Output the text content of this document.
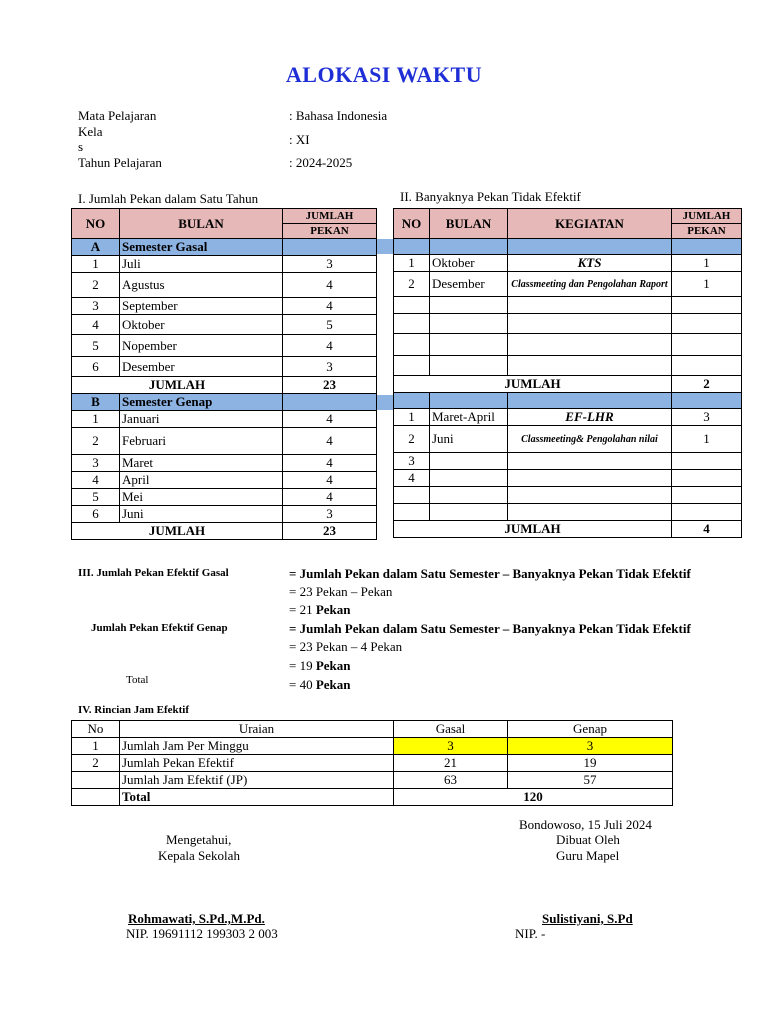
ALOKASI WAKTU
Mata Pelajaran	: Bahasa Indonesia
Kela
s	: XI
Tahun Pelajaran	: 2024-2025
I. Jumlah Pekan dalam Satu Tahun	II. Banyaknya Pekan Tidak Efektif
NO	BULAN	JUMLAH
		PEKAN
A	Semester Gasal	
1	Juli	3
2	Agustus	4
3	September	4
4	Oktober	5
5	Nopember	4
6	Desember	3
JUMLAH		23
B	Semester Genap	
1	Januari	4
2	Februari	4
3	Maret	4
4	April	4
5	Mei	4
6	Juni	3
JUMLAH		23
NO	BULAN	KEGIATAN	JUMLAH
			PEKAN

1	Oktober	KTS	1
2	Desember	Classmeeting dan Pengolahan Raport	1

JUMLAH			2

1	Maret-April	EF-LHR	3
2	Juni	Classmeeting& Pengolahan nilai	1
3			
4			

JUMLAH			4
III. Jumlah Pekan Efektif Gasal	= Jumlah Pekan dalam Satu Semester – Banyaknya Pekan Tidak Efektif
= 23 Pekan – Pekan
= 21 Pekan
Jumlah Pekan Efektif Genap	= Jumlah Pekan dalam Satu Semester – Banyaknya Pekan Tidak Efektif
= 23 Pekan – 4 Pekan
= 19 Pekan
Total	= 40 Pekan
IV. Rincian Jam Efektif
No	Uraian	Gasal	Genap
1	Jumlah Jam Per Minggu	3	3
2	Jumlah Pekan Efektif	21	19
	Jumlah Jam Efektif (JP)	63	57
	Total	120	
Bondowoso, 15 Juli 2024
Mengetahui,
Kepala Sekolah
Dibuat Oleh
Guru Mapel
Rohmawati, S.Pd.,M.Pd.
NIP. 19691112 199303 2 003
Sulistiyani, S.Pd
NIP. -
